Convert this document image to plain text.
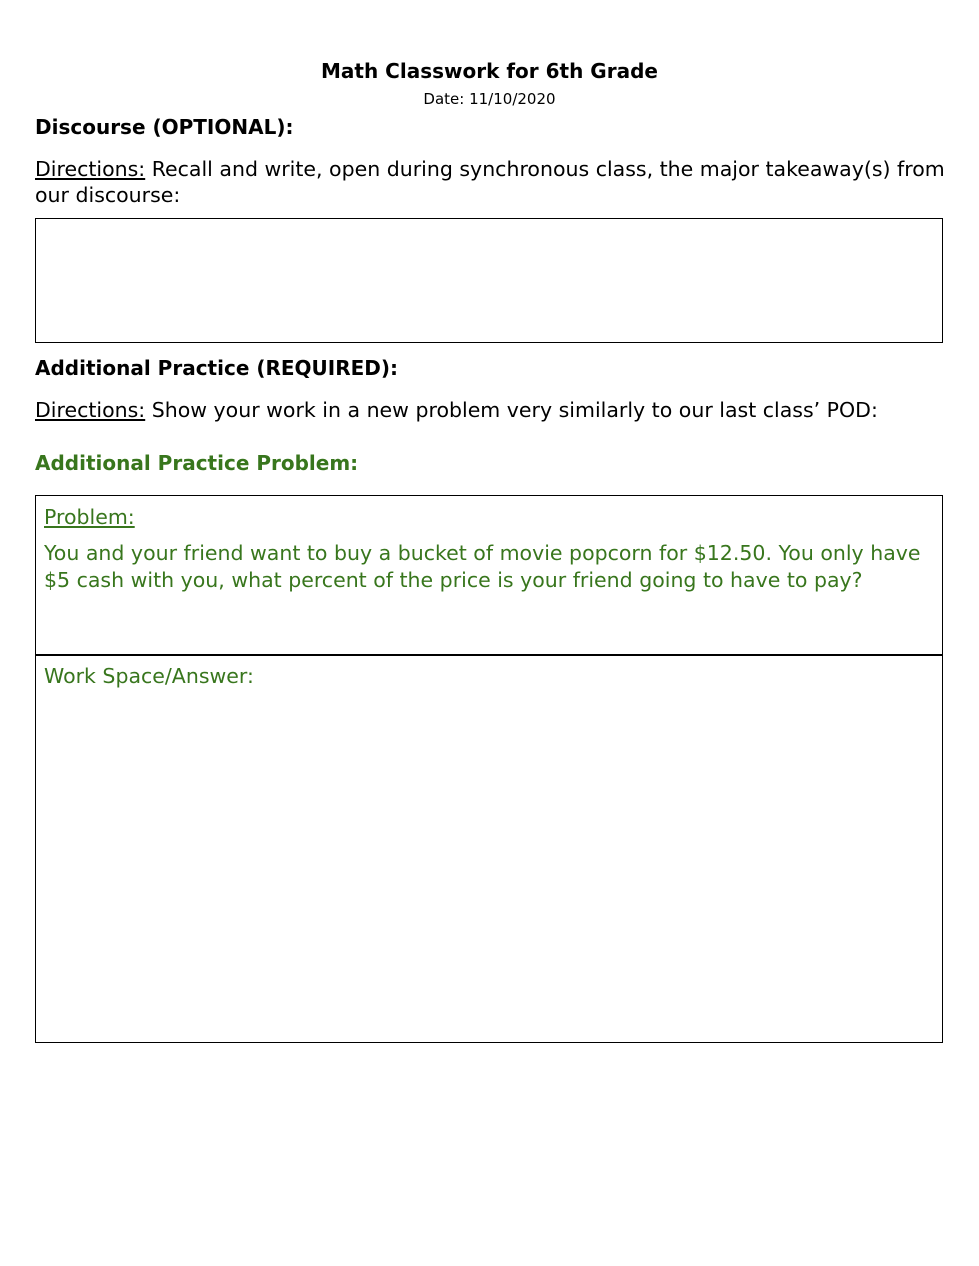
Math Classwork for 6th Grade
Date: 11/10/2020
Discourse (OPTIONAL):
Directions: Recall and write, open during synchronous class, the major takeaway(s) from our discourse:
Additional Practice (REQUIRED):
Directions: Show your work in a new problem very similarly to our last class’ POD:
Additional Practice Problem:
Problem:
You and your friend want to buy a bucket of movie popcorn for $12.50. You only have $5 cash with you, what percent of the price is your friend going to have to pay?
Work Space/Answer:
